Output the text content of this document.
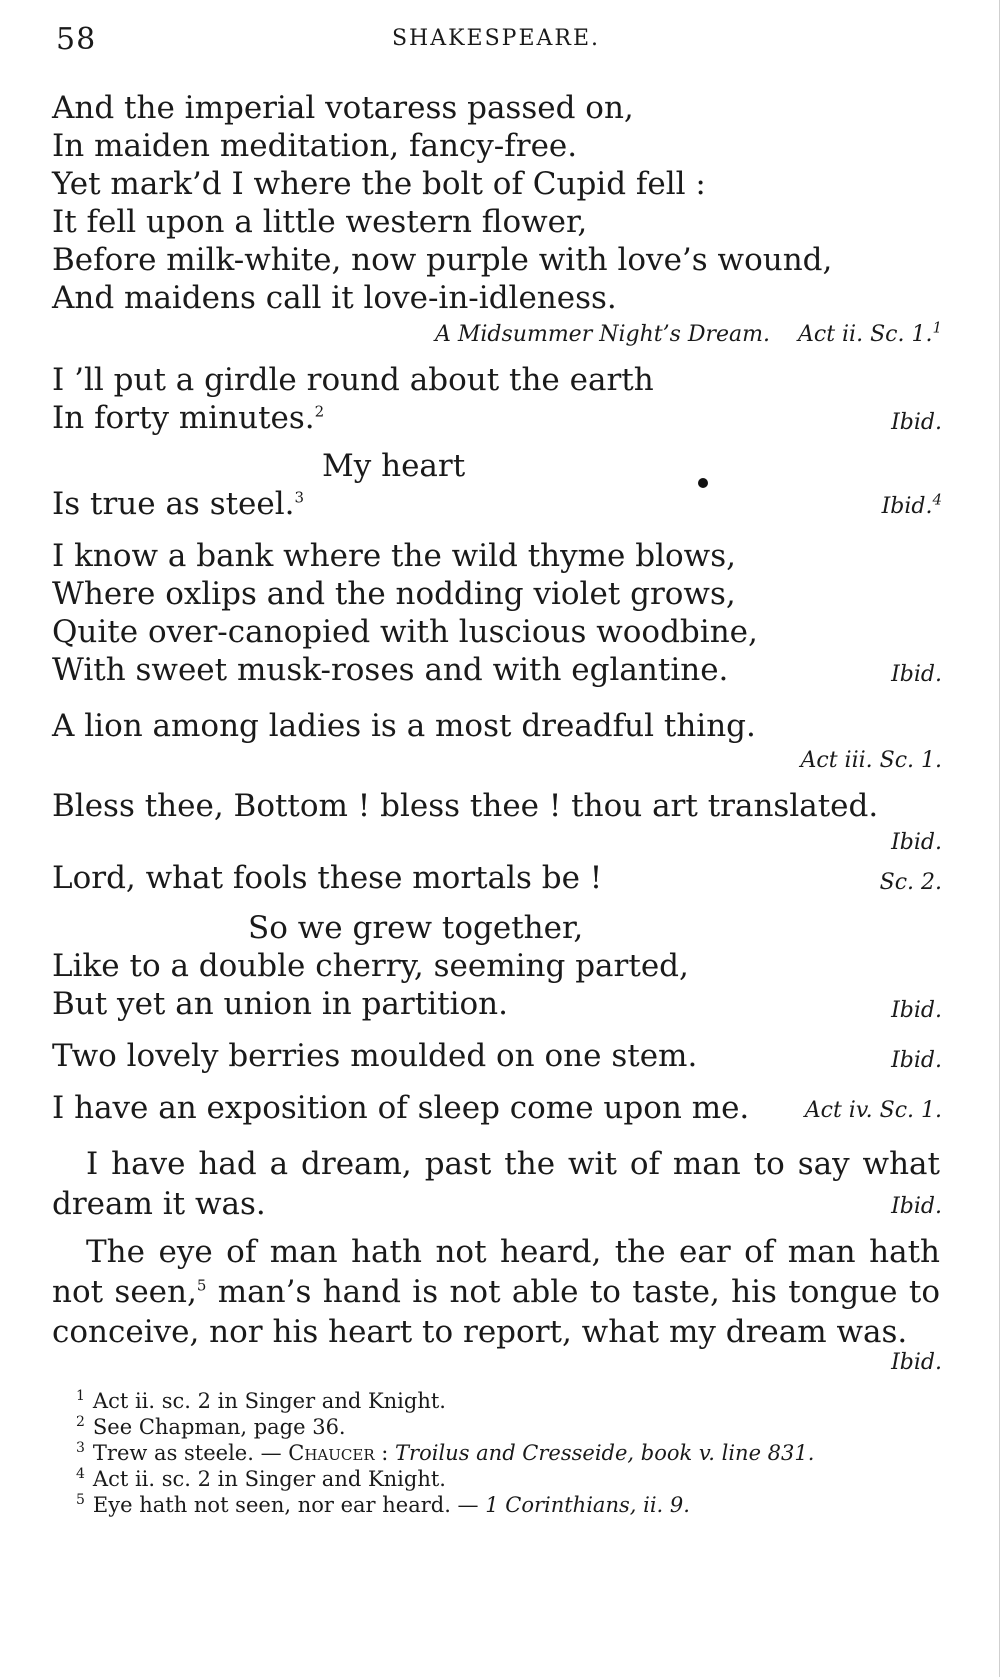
58	SHAKESPEARE.
And the imperial votaress passed on,
In maiden meditation, fancy-free.
Yet mark’d I where the bolt of Cupid fell :
It fell upon a little western flower,
Before milk-white, now purple with love’s wound,
And maidens call it love-in-idleness.
A Midsummer Night’s Dream.    Act ii. Sc. 1.$^1$
I ’ll put a girdle round about the earth
In forty minutes.$^2$	Ibid.
My heart
Is true as steel.$^3$	Ibid.$^4$
I know a bank where the wild thyme blows,
Where oxlips and the nodding violet grows,
Quite over-canopied with luscious woodbine,
With sweet musk-roses and with eglantine.	Ibid.
A lion among ladies is a most dreadful thing.
Act iii. Sc. 1.
Bless thee, Bottom ! bless thee ! thou art translated.
Ibid.
Lord, what fools these mortals be !	Sc. 2.
So we grew together,
Like to a double cherry, seeming parted,
But yet an union in partition.	Ibid.
Two lovely berries moulded on one stem.	Ibid.
I have an exposition of sleep come upon me.	Act iv. Sc. 1.
I have had a dream, past the wit of man to say what
dream it was.	Ibid.
The eye of man hath not heard, the ear of man hath not seen,$^5$ man’s hand is not able to taste, his tongue to conceive, nor his heart to report, what my dream was.
Ibid.
$^1$ Act ii. sc. 2 in Singer and Knight.
$^2$ See Chapman, page 36.
$^3$ Trew as steele. — Chaucer : Troilus and Cresseide, book v. line 831.
$^4$ Act ii. sc. 2 in Singer and Knight.
$^5$ Eye hath not seen, nor ear heard. — 1 Corinthians, ii. 9.
